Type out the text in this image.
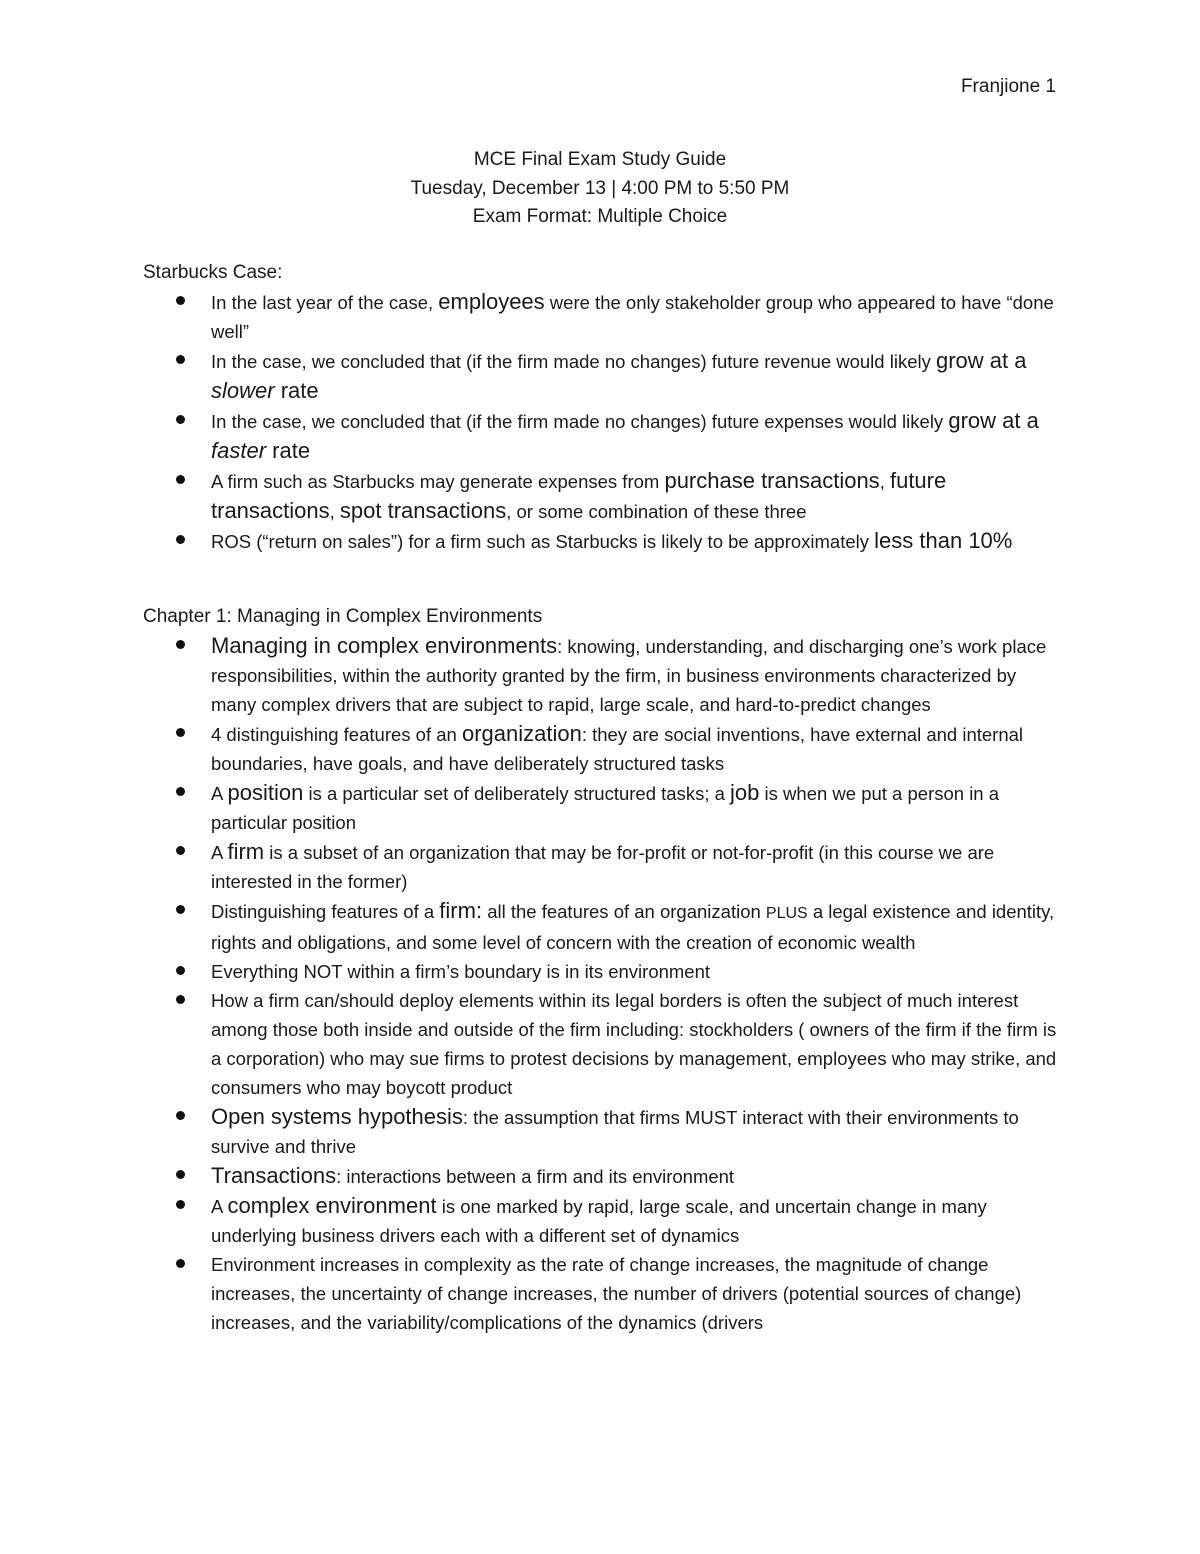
Franjione 1
MCE Final Exam Study Guide
Tuesday, December 13 | 4:00 PM to 5:50 PM
Exam Format: Multiple Choice
Starbucks Case:
In the last year of the case, employees were the only stakeholder group who appeared to have “done well”
In the case, we concluded that (if the firm made no changes) future revenue would likely grow at a slower rate
In the case, we concluded that (if the firm made no changes) future expenses would likely grow at a faster rate
A firm such as Starbucks may generate expenses from purchase transactions, future transactions, spot transactions, or some combination of these three
ROS (“return on sales”) for a firm such as Starbucks is likely to be approximately less than 10%
Chapter 1: Managing in Complex Environments
Managing in complex environments: knowing, understanding, and discharging one’s work place responsibilities, within the authority granted by the firm, in business environments characterized by many complex drivers that are subject to rapid, large scale, and hard-to-predict changes
4 distinguishing features of an organization: they are social inventions, have external and internal boundaries, have goals, and have deliberately structured tasks
A position is a particular set of deliberately structured tasks; a job is when we put a person in a particular position
A firm is a subset of an organization that may be for-profit or not-for-profit (in this course we are interested in the former)
Distinguishing features of a firm: all the features of an organization PLUS a legal existence and identity, rights and obligations, and some level of concern with the creation of economic wealth
Everything NOT within a firm’s boundary is in its environment
How a firm can/should deploy elements within its legal borders is often the subject of much interest among those both inside and outside of the firm including: stockholders ( owners of the firm if the firm is a corporation) who may sue firms to protest decisions by management, employees who may strike, and consumers who may boycott product
Open systems hypothesis: the assumption that firms MUST interact with their environments to survive and thrive
Transactions: interactions between a firm and its environment
A complex environment is one marked by rapid, large scale, and uncertain change in many underlying business drivers each with a different set of dynamics
Environment increases in complexity as the rate of change increases, the magnitude of change increases, the uncertainty of change increases, the number of drivers (potential sources of change) increases, and the variability/complications of the dynamics (drivers
